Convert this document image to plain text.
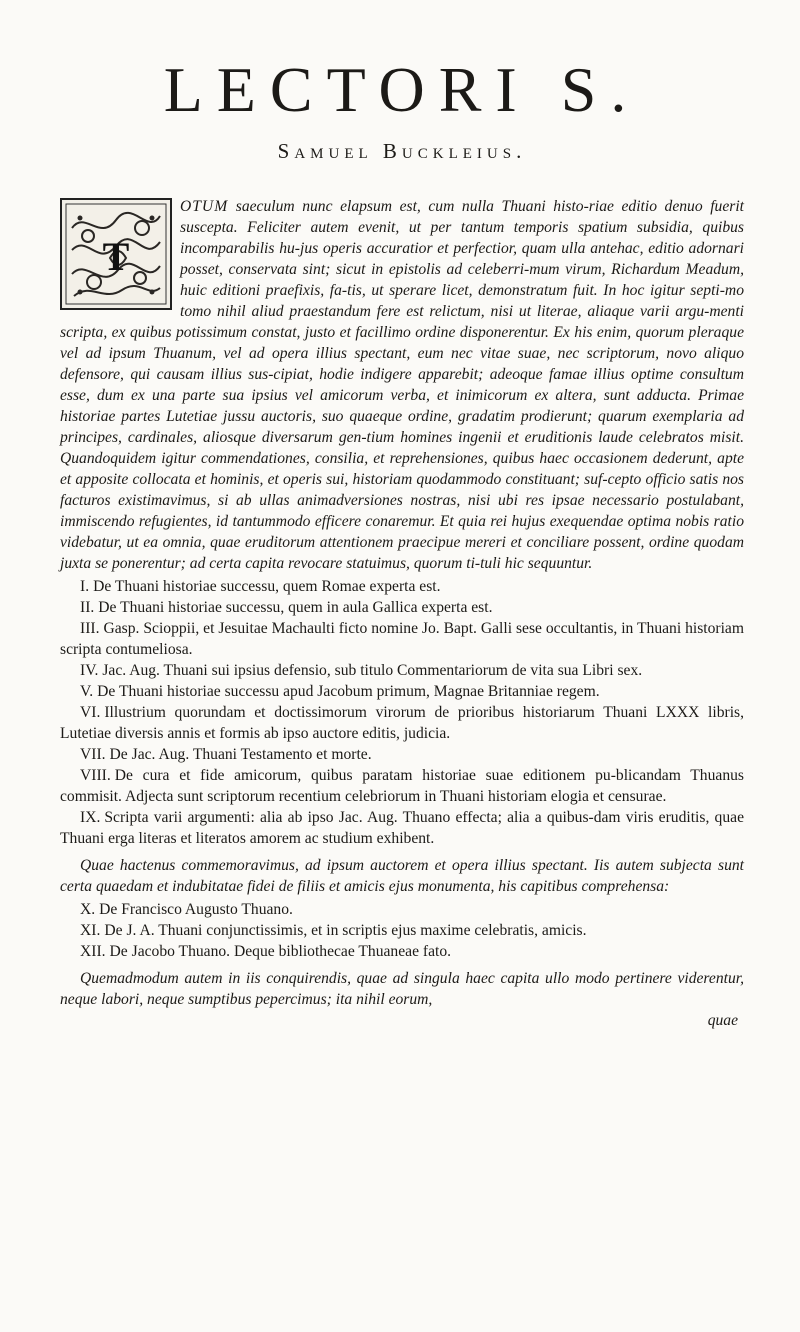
LECTORI S.
Samuel Buckleius.
T

OTUM saeculum nunc elapsum est, cum nulla Thuani histo-riae editio denuo fuerit suscepta. Feliciter autem evenit, ut per tantum temporis spatium subsidia, quibus incomparabilis hu-jus operis accuratior et perfectior, quam ulla antehac, editio adornari posset, conservata sint; sicut in epistolis ad celeberri-mum virum, Richardum Meadum, huic editioni praefixis, fa-tis, ut sperare licet, demonstratum fuit. In hoc igitur septi-mo tomo nihil aliud praestandum fere est relictum, nisi ut literae, aliaque varii argu-menti scripta, ex quibus potissimum constat, justo et facillimo ordine disponerentur. Ex his enim, quorum pleraque vel ad ipsum Thuanum, vel ad opera illius spectant, eum nec vitae suae, nec scriptorum, novo aliquo defensore, qui causam illius sus-cipiat, hodie indigere apparebit; adeoque famae illius optime consultum esse, dum ex una parte sua ipsius vel amicorum verba, et inimicorum ex altera, sunt adducta. Primae historiae partes Lutetiae jussu auctoris, suo quaeque ordine, gradatim prodierunt; quarum exemplaria ad principes, cardinales, aliosque diversarum gen-tium homines ingenii et eruditionis laude celebratos misit. Quandoquidem igitur commendationes, consilia, et reprehensiones, quibus haec occasionem dederunt, apte et apposite collocata et hominis, et operis sui, historiam quodammodo constituant; suf-cepto officio satis nos facturos existimavimus, si ab ullas animadversiones nostras, nisi ubi res ipsae necessario postulabant, immiscendo refugientes, id tantummodo efficere conaremur. Et quia rei hujus exequendae optima nobis ratio videbatur, ut ea omnia, quae eruditorum attentionem praecipue mereri et conciliare possent, ordine quodam juxta se ponerentur; ad certa capita revocare statuimus, quorum ti-tuli hic sequuntur.

I. De Thuani historiae successu, quem Romae experta est.
II. De Thuani historiae successu, quem in aula Gallica experta est.
III. Gasp. Scioppii, et Jesuitae Machaulti ficto nomine Jo. Bapt. Galli sese occultantis, in Thuani historiam scripta contumeliosa.
IV. Jac. Aug. Thuani sui ipsius defensio, sub titulo Commentariorum de vita sua Libri sex.
V. De Thuani historiae successu apud Jacobum primum, Magnae Britanniae regem.
VI. Illustrium quorundam et doctissimorum virorum de prioribus historiarum Thuani LXXX libris, Lutetiae diversis annis et formis ab ipso auctore editis, judicia.
VII. De Jac. Aug. Thuani Testamento et morte.
VIII. De cura et fide amicorum, quibus paratam historiae suae editionem pu-blicandam Thuanus commisit. Adjecta sunt scriptorum recentium celebriorum in Thuani historiam elogia et censurae.
IX. Scripta varii argumenti: alia ab ipso Jac. Aug. Thuano effecta; alia a quibus-dam viris eruditis, quae Thuani erga literas et literatos amorem ac studium exhibent.

Quae hactenus commemoravimus, ad ipsum auctorem et opera illius spectant. Iis autem subjecta sunt certa quaedam et indubitatae fidei de filiis et amicis ejus monumenta, his capitibus comprehensa:

X. De Francisco Augusto Thuano.
XI. De J. A. Thuani conjunctissimis, et in scriptis ejus maxime celebratis, amicis.
XII. De Jacobo Thuano. Deque bibliothecae Thuaneae fato.

Quemadmodum autem in iis conquirendis, quae ad singula haec capita ullo modo pertinere viderentur, neque labori, neque sumptibus pepercimus; ita nihil eorum,

quae
